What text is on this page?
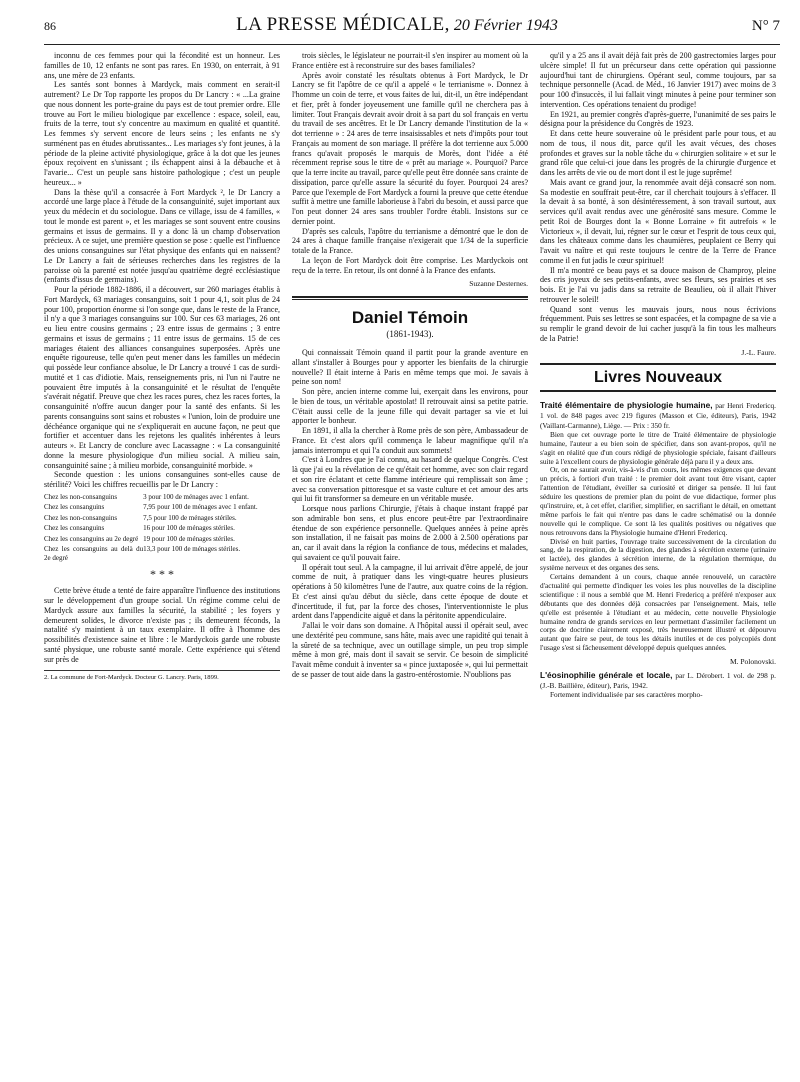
86	LA PRESSE MÉDICALE, 20 Février 1943	N° 7

inconnu de ces femmes pour qui la fécondité est un honneur. Les familles de 10, 12 enfants ne sont pas rares. En 1930, on enterrait, à 91 ans, une mère de 23 enfants.

Les santés sont bonnes à Mardyck, mais comment en serait-il autrement? Le Dr Top rapporte les propos du Dr Lancry : « ...La graine que nous donnent les porte-graine du pays est de tout premier ordre. Elle trouve au Fort le milieu biologique par excellence : espace, soleil, eau, fruits de la terre, tout s'y concentre au maximum en qualité et quantité. Les femmes s'y servent encore de leurs seins ; les enfants ne s'y surménent pas en études abrutissantes... Les mariages s'y font jeunes, à la période de la pleine activité physiologique, grâce à la dot que les jeunes époux reçoivent en s'unissant ; ils échappent ainsi à la débauche et à l'avarie... C'est un peuple sans histoire pathologique ; c'est un peuple heureux... »

Dans la thèse qu'il a consacrée à Fort Mardyck ², le Dr Lancry a accordé une large place à l'étude de la consanguinité, sujet important aux yeux du médecin et du sociologue. Dans ce village, issu de 4 familles, « tout le monde est parent », et les mariages se sont souvent entre cousins germains et issus de germains. Il y a donc là un champ d'observation précieux. A ce sujet, une première question se pose : quelle est l'influence des unions consanguines sur l'état physique des enfants qui en naissent? Le Dr Lancry a fait de sérieuses recherches dans les registres de la paroisse où la parenté est notée jusqu'au quatrième degré ecclésiastique (enfants d'issus de germains).

Pour la période 1882-1886, il a découvert, sur 260 mariages établis à Fort Mardyck, 63 mariages consanguins, soit 1 pour 4,1, soit plus de 24 pour 100, proportion énorme si l'on songe que, dans le reste de la France, il n'y a que 3 mariages consanguins sur 100. Sur ces 63 mariages, 26 ont eu lieu entre cousins germains ; 23 entre issus de germains ; 3 entre germains et issus de germains ; 11 entre issus de germains. 15 de ces mariages étaient des alliances consanguines superposées. Après une enquête rigoureuse, telle qu'en peut mener dans les familles un médecin qui possède leur confiance absolue, le Dr Lancry a trouvé 1 cas de surdi-mutité et 1 cas d'idiotie. Mais, renseignements pris, ni l'un ni l'autre ne pouvaient être imputés à la consanguinité et le résultat de l'enquête s'avérait négatif. Preuve que chez les races pures, chez les races fortes, la consanguinité n'offre aucun danger pour la santé des enfants. Si les parents consanguins sont sains et robustes « l'union, loin de produire une déchéance organique qui ne s'expliquerait en aucune façon, ne peut que fortifier et accentuer dans les rejetons les qualités inhérentes à leurs auteurs ». Et Lancry de conclure avec Lacassagne : « La consanguinité donne la mesure physiologique d'un milieu social. A milieu sain, consanguinité saine ; à milieu morbide, consanguinité morbide. »

Seconde question : les unions consanguines sont-elles cause de stérilité? Voici les chiffres recueillis par le Dr Lancry :

Chez les non-consanguins	3 pour 100 de ménages avec 1 enfant.
Chez les consanguins	7,95 pour 100 de ménages avec 1 enfant.
Chez les non-consanguins	7,5 pour 100 de ménages stériles.
Chez les consanguins	16 pour 100 de ménages stériles.
Chez les consanguins au 2e degré	19 pour 100 de ménages stériles.
Chez les consanguins au delà du 2e degré	13,3 pour 100 de ménages stériles.
* * *

Cette brève étude a tenté de faire apparaître l'influence des institutions sur le développement d'un groupe social. Un régime comme celui de Mardyck assure aux familles la sécurité, la stabilité ; les foyers y demeurent solides, le divorce n'existe pas ; ils demeurent féconds, la natalité s'y maintient à un taux exemplaire. Il offre à l'homme des possibilités d'existence saine et libre : le Mardyckois garde une robuste santé physique, une robuste santé morale. Cette expérience qui s'étend sur près de

2. La commune de Fort-Mardyck. Docteur G. Lancry. Paris, 1899.

trois siècles, le législateur ne pourrait-il s'en inspirer au moment où la France entière est à reconstruire sur des bases familiales?

Après avoir constaté les résultats obtenus à Fort Mardyck, le Dr Lancry se fit l'apôtre de ce qu'il a appelé « le terrianisme ». Donnez à l'homme un coin de terre, et vous faites de lui, dit-il, un être indépendant et fier, prêt à fonder joyeusement une famille qu'il ne cherchera pas à limiter. Tout Français devrait avoir droit à sa part du sol français en vertu du travail de ses ancêtres. Et le Dr Lancry demande l'institution de la « dot terrienne » : 24 ares de terre insaisissables et nets d'impôts pour tout Français au moment de son mariage. Il préfère la dot terrienne aux 5.000 francs qu'avait proposés le marquis de Morès, dont l'idée a été récemment reprise sous le titre de « prêt au mariage ». Pourquoi? Parce que la terre incite au travail, parce qu'elle peut être donnée sans crainte de dissipation, parce qu'elle assure la sécurité du foyer. Pourquoi 24 ares? Parce que l'exemple de Fort Mardyck a fourni la preuve que cette étendue suffit à mettre une famille laborieuse à l'abri du besoin, et aussi parce que l'on peut donner 24 ares sans troubler l'ordre établi. Insistons sur ce dernier point.

D'après ses calculs, l'apôtre du terrianisme a démontré que le don de 24 ares à chaque famille française n'exigerait que 1/34 de la superficie totale de la France.

La leçon de Fort Mardyck doit être comprise. Les Mardyckois ont reçu de la terre. En retour, ils ont donné à la France des enfants.

Suzanne Desternes.
Daniel Témoin
(1861-1943).

Qui connaissait Témoin quand il partit pour la grande aventure en allant s'installer à Bourges pour y apporter les bienfaits de la chirurgie nouvelle? Il était interne à Paris en même temps que moi. Je savais à peine son nom!

Son père, ancien interne comme lui, exerçait dans les environs, pour le bien de tous, un véritable apostolat! Il retrouvait ainsi sa petite patrie. C'était aussi celle de la jeune fille qui devait partager sa vie et lui apporter le bonheur.

En 1891, il alla la chercher à Rome près de son père, Ambassadeur de France. Et c'est alors qu'il commença le labeur magnifique qu'il n'a jamais interrompu et qui l'a conduit aux sommets!

C'est à Londres que je l'ai connu, au hasard de quelque Congrès. C'est là que j'ai eu la révélation de ce qu'était cet homme, avec son clair regard et son rire éclatant et cette flamme intérieure qui remplissait son âme ; avec sa conversation pittoresque et sa vaste culture et cet amour des arts qui lui fit transformer sa demeure en un véritable musée.

Lorsque nous parlions Chirurgie, j'étais à chaque instant frappé par son admirable bon sens, et plus encore peut-être par l'extraordinaire étendue de son expérience personnelle. Quelques années à peine après son installation, il ne faisait pas moins de 2.000 à 2.500 opérations par an, car il avait dans la région la confiance de tous, médecins et malades, qui savaient ce qu'il pouvait faire.

Il opérait tout seul. A la campagne, il lui arrivait d'être appelé, de jour comme de nuit, à pratiquer dans les vingt-quatre heures plusieurs opérations à 50 kilomètres l'une de l'autre, aux quatre coins de la région. Et c'est ainsi qu'au début du siècle, dans cette époque de doute et d'incertitude, il fut, par la force des choses, l'interventionniste le plus ardent dans l'appendicite aiguë et dans la péritonite appendiculaire.

J'allai le voir dans son domaine. A l'hôpital aussi il opérait seul, avec une dextérité peu commune, sans hâte, mais avec une rapidité qui tenait à la sûreté de sa technique, avec un outillage simple, un peu trop simple même à mon gré, mais dont il savait se servir. Ce besoin de simplicité l'avait même conduit à inventer sa « pince juxtaposée », qui lui permettait de se passer de tout aide dans la gastro-entérostomie. N'oublions pas

qu'il y a 25 ans il avait déjà fait près de 200 gastrectomies larges pour ulcère simple! Il fut un précurseur dans cette opération qui passionne aujourd'hui tant de chirurgiens. Opérant seul, comme toujours, par sa technique personnelle (Acad. de Méd., 16 Janvier 1917) avec moins de 3 pour 100 d'insuccès, il lui fallait vingt minutes à peine pour terminer son intervention. Ces opérations tenaient du prodige!

En 1921, au premier congrès d'après-guerre, l'unanimité de ses pairs le désigna pour la présidence du Congrès de 1923.

Et dans cette heure souveraine où le président parle pour tous, et au nom de tous, il nous dit, parce qu'il les avait vécues, des choses profondes et graves sur la noble tâche du « chirurgien solitaire » et sur le grand rôle que celui-ci joue dans les progrès de la chirurgie d'urgence et dans les arrêts de vie ou de mort dont il est le juge suprême!

Mais avant ce grand jour, la renommée avait déjà consacré son nom. Sa modestie en souffrait peut-être, car il cherchait toujours à s'effacer. Il la devait à sa bonté, à son désintéressement, à son travail surtout, aux services qu'il avait rendus avec une générosité sans mesure. Comme le petit Roi de Bourges dont la « Bonne Lorraine » fit autrefois « le Victorieux », il devait, lui, régner sur le cœur et l'esprit de tous ceux qui, dans les châteaux comme dans les chaumières, peuplaient ce Berry qui l'avait vu naître et qui reste toujours le centre de la Terre de France comme il en fut jadis le cœur spirituel!

Il m'a montré ce beau pays et sa douce maison de Champroy, pleine des cris joyeux de ses petits-enfants, avec ses fleurs, ses prairies et ses bois. Et je l'ai vu jadis dans sa retraite de Beaulieu, où il allait l'hiver retrouver le soleil!

Quand sont venus les mauvais jours, nous nous écrivions fréquemment. Puis ses lettres se sont espacées, et la compagne de sa vie a su remplir le grand devoir de lui cacher jusqu'à la fin tous les malheurs de la Patrie!

J.-L. Faure.
Livres Nouveaux

Traité élémentaire de physiologie humaine, par Henri Fredericq. 1 vol. de 848 pages avec 219 figures (Masson et Cie, éditeurs), Paris, 1942 (Vaillant-Carmanne), Liège. — Prix : 350 fr.

Bien que cet ouvrage porte le titre de Traité élémentaire de physiologie humaine, l'auteur a eu bien soin de spécifier, dans son avant-propos, qu'il ne s'agit en réalité que d'un cours rédigé de physiologie spéciale, faisant d'ailleurs suite à l'excellent cours de physiologie générale déjà paru il y a deux ans.

Or, on ne saurait avoir, vis-à-vis d'un cours, les mêmes exigences que devant un précis, à fortiori d'un traité : le premier doit avant tout être visant, capter l'attention de l'étudiant, éveiller sa curiosité et diriger sa pensée. Il lui faut séduire les questions de premier plan du point de vue didactique, former plus qu'instruire, et, à cet effet, clarifier, simplifier, en sacrifiant le détail, en omettant même parfois le fait qui n'entre pas dans le cadre schématisé ou la donnée nouvelle qui le complique. Ce sont là les qualités positives ou négatives que nous retrouvons dans la Physiologie humaine d'Henri Fredericq.

Divisé en huit parties, l'ouvrage traite successivement de la circulation du sang, de la respiration, de la digestion, des glandes à sécrétion externe (urinaire et lactée), des glandes à sécrétion interne, de la régulation thermique, du système nerveux et des organes des sens.

Certains demandent à un cours, chaque année renouvelé, un caractère d'actualité qui permette d'indiquer les voies les plus nouvelles de la discipline scientifique : il nous a semblé que M. Henri Fredericq a préféré n'exposer aux débutants que des données déjà consacrées par l'enseignement. Mais, telle qu'elle est présentée à l'étudiant et au médecin, cette nouvelle Physiologie humaine rendra de grands services en leur permettant d'assimiler facilement un corps de doctrine clairement exposé, très heureusement illustré et dépourvu autant que faire se peut, de tous les détails inutiles et de ces polycopiés dont l'usage s'est si fâcheusement développé depuis quelques années.

M. Polonovski.

L'éosinophilie générale et locale, par L. Dérobert. 1 vol. de 298 p. (J.-B. Baillière, éditeur), Paris, 1942.

Fortement individualisée par ses caractères morpho-
